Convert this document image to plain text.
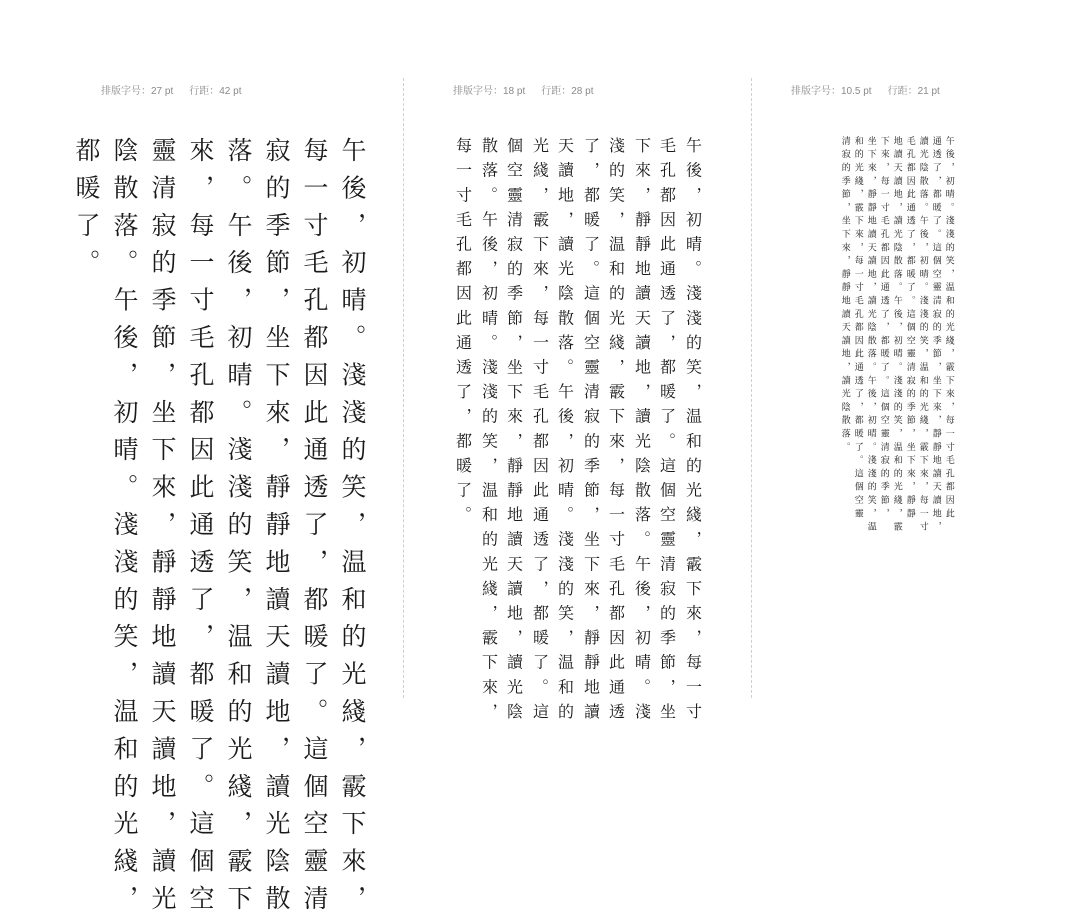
排版字号：27 pt 行距：42 pt
午後，初晴。淺淺的笑，温和的光綫，霰下來，
每一寸毛孔都因此通透了，都暖了。這個空靈清
寂的季節，坐下來，靜靜地讀天讀地，讀光陰散
落。午後，初晴。淺淺的笑，温和的光綫，霰下
來，每一寸毛孔都因此通透了，都暖了。這個空
靈清寂的季節，坐下來，靜靜地讀天讀地，讀光
陰散落。午後，初晴。淺淺的笑，温和的光綫，
都暖了。
排版字号：18 pt 行距：28 pt
午後，初晴。淺淺的笑，温和的光綫，霰下來，每一寸
毛孔都因此通透了，都暖了。這個空靈清寂的季節，坐
下來，靜靜地讀天讀地，讀光陰散落。午後，初晴。淺
淺的笑，温和的光綫，霰下來，每一寸毛孔都因此通透
了，都暖了。這個空靈清寂的季節，坐下來，靜靜地讀
天讀地，讀光陰散落。午後，初晴。淺淺的笑，温和的
光綫，霰下來，每一寸毛孔都因此通透了，都暖了。這
個空靈清寂的季節，坐下來，靜靜地讀天讀地，讀光陰
散落。午後，初晴。淺淺的笑，温和的光綫，霰下來，
每一寸毛孔都因此通透了，都暖了。
排版字号：10.5 pt 行距：21 pt
午後，初晴。淺淺的笑，温和的光綫，霰下來，每一寸毛孔都因此
通透了，都暖了。這個空靈清寂的季節，坐下來，靜靜地讀天讀地，
讀光陰散落。午後，初晴。淺淺的笑，温和的光綫，霰下來，每一寸
毛孔都因此通透了，都暖了。這個空靈清寂的季節，坐下來，靜靜
地讀天讀地，讀光陰散落。午後，初晴。淺淺的笑，温和的光綫，霰
下來，每一寸毛孔都因此通透了，都暖了。這個空靈清寂的季節，
坐下來，靜靜地讀天讀地，讀光陰散落。午後，初晴。淺淺的笑，温
和的光綫，霰下來，每一寸毛孔都因此通透了，都暖了。這個空靈
清寂的季節，坐下來，靜靜地讀天讀地，讀光陰散落。
